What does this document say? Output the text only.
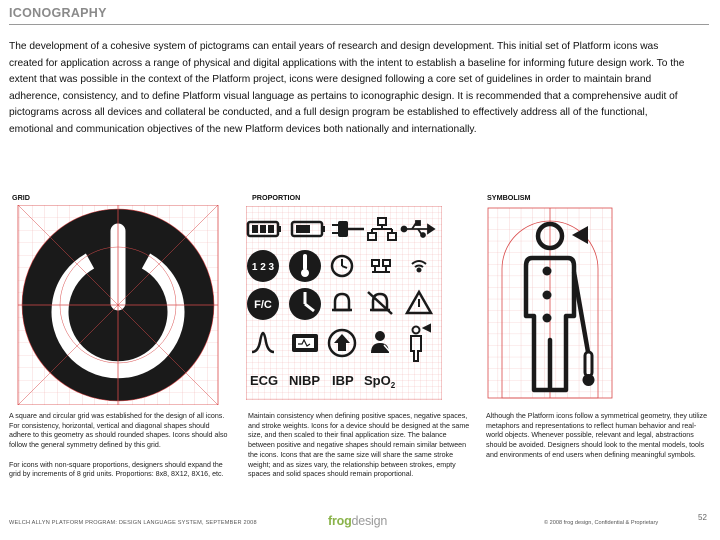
ICONOGRAPHY
The development of a cohesive system of pictograms can entail years of research and design development. This initial set of Platform icons was created for application across a range of physical and digital applications with the intent to establish a baseline for informing future design work. To the extent that was possible in the context of the Platform project, icons were designed following a core set of guidelines in order to maintain brand adherence, consistency, and to define Platform visual language as pertains to iconographic design. It is recommended that a comprehensive audit of pictograms across all devices and collateral be conducted, and a full design program be established to effectively address all of the functional, emotional and communication objectives of the new Platform devices both nationally and internationally.
GRID	PROPORTION
1 2 3
F/C
ECG NIBP IBP SpO$_2$
SYMBOLISM

A square and circular grid was established for the design of all icons. For consistency, horizontal, vertical and diagonal shapes should adhere to this geometry as should rounded shapes. Icons should also follow the general symmetry defined by this grid.

For icons with non-square proportions, designers should expand the grid by increments of 8 grid units. Proportions: 8x8, 8X12, 8X16, etc.

Maintain consistency when defining positive spaces, negative spaces, and stroke weights. Icons for a device should be designed at the same size, and then scaled to their final application size. The balance between positive and negative shapes should remain similar between the icons. Icons that are the same size will share the same stroke weight; and as sizes vary, the relationship between strokes, empty spaces and solid spaces should remain proportional.

Although the Platform icons follow a symmetrical geometry, they utilize metaphors and representations to reflect human behavior and real-world objects. Whenever possible, relevant and legal, abstractions should be avoided. Designers should look to the mental models, tools and environments of end users when defining meaningful symbols.

WELCH ALLYN PLATFORM PROGRAM: DESIGN LANGUAGE SYSTEM, SEPTEMBER 2008	frogdesign	© 2008 frog design, Confidential & Proprietary
52
